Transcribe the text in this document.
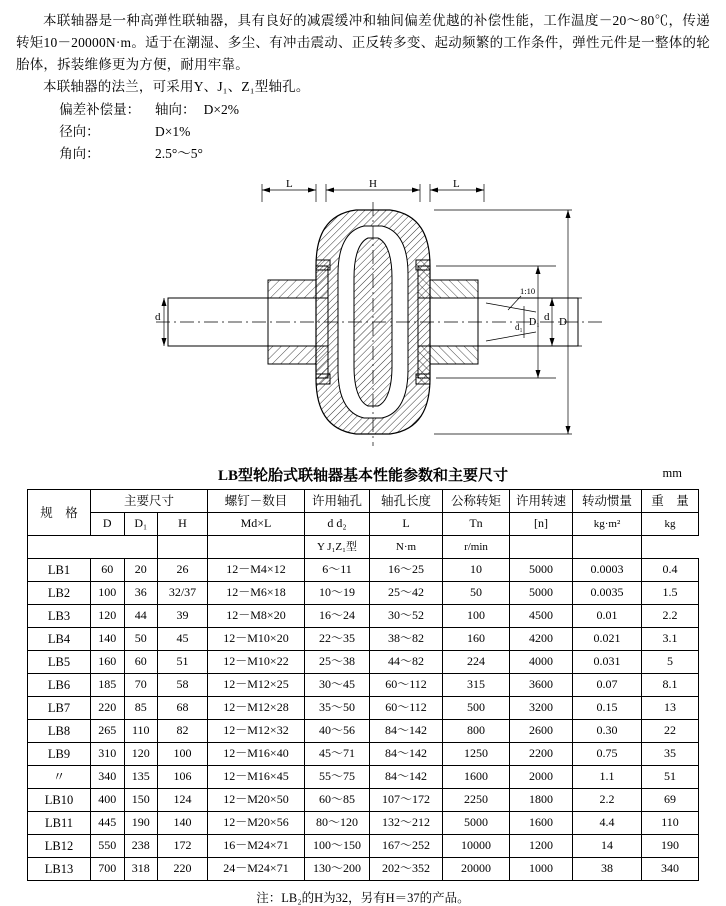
本联轴器是一种高弹性联轴器，具有良好的减震缓冲和轴间偏差优越的补偿性能，工作温度－20～80℃，传递转矩10－20000N·m。适于在潮湿、多尘、有冲击震动、正反转多变、起动频繁的工作条件，弹性元件是一整体的轮胎体，拆装维修更为方便，耐用牢靠。

本联轴器的法兰，可采用Y、J₁、Z₁型轴孔。

偏差补偿量：	轴向： D×2%
径向：	D×1%
角向：	2.5°～5°
L	H	L
d	d
D₁ D
d₁
1:10
LB型轮胎式联轴器基本性能参数和主要尺寸	mm
规　格	主要尺寸			螺钉－数目	许用轴孔	轴孔长度	公称转矩	许用转速	转动惯量	重　量
	D	D₁	H							
				Md×L	d d₂	L	Tn	[n]	kg·m²	kg
					Y J₁Z₁型	N·m	r/min			
LB1	60	20	26	12－M4×12	6～11	16～25	10	5000	0.0003	0.4
LB2	100	36	32/37	12－M6×18	10～19	25～42	50	5000	0.0035	1.5
LB3	120	44	39	12－M8×20	16～24	30～52	100	4500	0.01	2.2
LB4	140	50	45	12－M10×20	22～35	38～82	160	4200	0.021	3.1
LB5	160	60	51	12－M10×22	25～38	44～82	224	4000	0.031	5
LB6	185	70	58	12－M12×25	30～45	60～112	315	3600	0.07	8.1
LB7	220	85	68	12－M12×28	35～50	60～112	500	3200	0.15	13
LB8	265	110	82	12－M12×32	40～56	84～142	800	2600	0.30	22
LB9	310	120	100	12－M16×40	45～71	84～142	1250	2200	0.75	35
〃	340	135	106	12－M16×45	55～75	84～142	1600	2000	1.1	51
LB10	400	150	124	12－M20×50	60～85	107～172	2250	1800	2.2	69
LB11	445	190	140	12－M20×56	80～120	132～212	5000	1600	4.4	110
LB12	550	238	172	16－M24×71	100～150	167～252	10000	1200	14	190
LB13	700	318	220	24－M24×71	130～200	202～352	20000	1000	38	340

注：LB₂的H为32，另有H＝37的产品。
